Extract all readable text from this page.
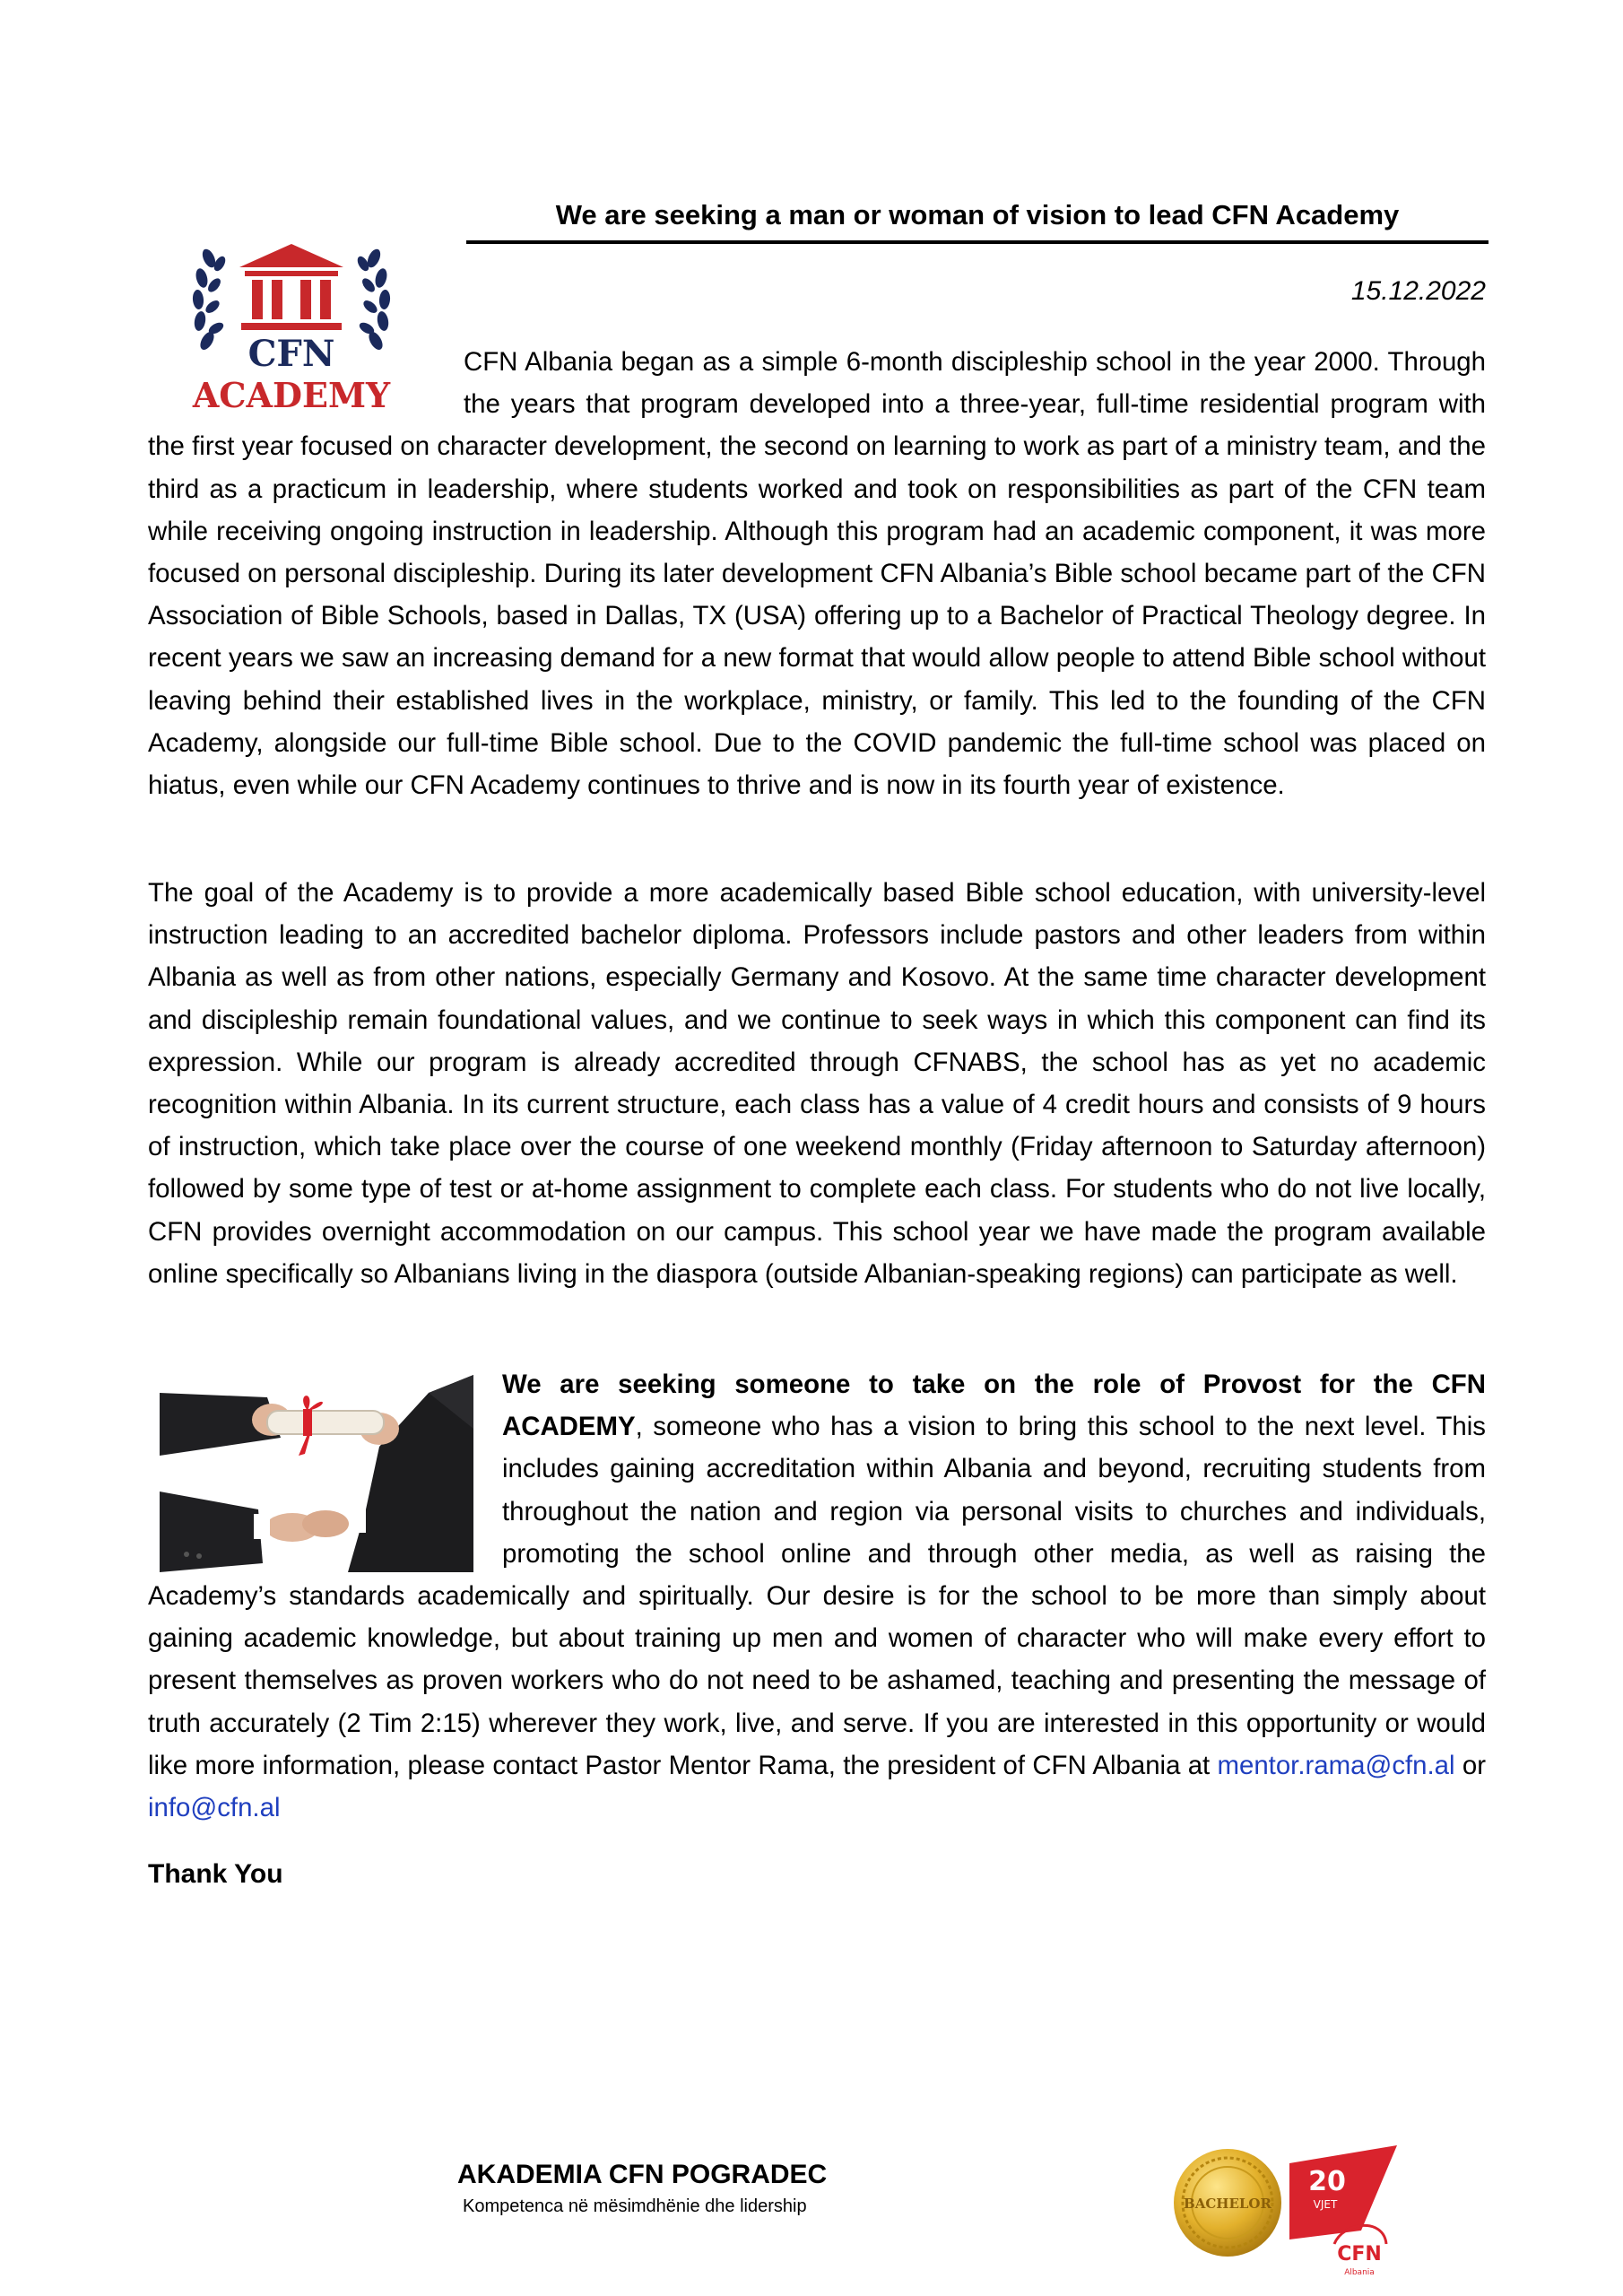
We are seeking a man or woman of vision to lead CFN Academy
15.12.2022
CFN
ACADEMY

CFN Albania began as a simple 6-month discipleship school in the year 2000. Through the years that program developed into a three-year, full-time residential program with the first year focused on character development, the second on learning to work as part of a ministry team, and the third as a practicum in leadership, where students worked and took on responsibilities as part of the CFN team while receiving ongoing instruction in leadership. Although this program had an academic component, it was more focused on personal discipleship. During its later development CFN Albania’s Bible school became part of the CFN Association of Bible Schools, based in Dallas, TX (USA) offering up to a Bachelor of Practical Theology degree. In recent years we saw an increasing demand for a new format that would allow people to attend Bible school without leaving behind their established lives in the workplace, ministry, or family. This led to the founding of the CFN Academy, alongside our full-time Bible school. Due to the COVID pandemic the full-time school was placed on hiatus, even while our CFN Academy continues to thrive and is now in its fourth year of existence.

The goal of the Academy is to provide a more academically based Bible school education, with university-level instruction leading to an accredited bachelor diploma. Professors include pastors and other leaders from within Albania as well as from other nations, especially Germany and Kosovo. At the same time character development and discipleship remain foundational values, and we continue to seek ways in which this component can find its expression. While our program is already accredited through CFNABS, the school has as yet no academic recognition within Albania. In its current structure, each class has a value of 4 credit hours and consists of 9 hours of instruction, which take place over the course of one weekend monthly (Friday afternoon to Saturday afternoon) followed by some type of test or at-home assignment to complete each class. For students who do not live locally, CFN provides overnight accommodation on our campus. This school year we have made the program available online specifically so Albanians living in the diaspora (outside Albanian-speaking regions) can participate as well.

We are seeking someone to take on the role of Provost for the CFN ACADEMY, someone who has a vision to bring this school to the next level. This includes gaining accreditation within Albania and beyond, recruiting students from throughout the nation and region via personal visits to churches and individuals, promoting the school online and through other media, as well as raising the Academy’s standards academically and spiritually. Our desire is for the school to be more than simply about gaining academic knowledge, but about training up men and women of character who will make every effort to present themselves as proven workers who do not need to be ashamed, teaching and presenting the message of truth accurately (2 Tim 2:15) wherever they work, live, and serve. If you are interested in this opportunity or would like more information, please contact Pastor Mentor Rama, the president of CFN Albania at mentor.rama@cfn.al or info@cfn.al

Thank You
AKADEMIA CFN POGRADEC
Kompetenca në mësimdhënie dhe lidership	BACHELOR
20
VJET
CFN
Albania
